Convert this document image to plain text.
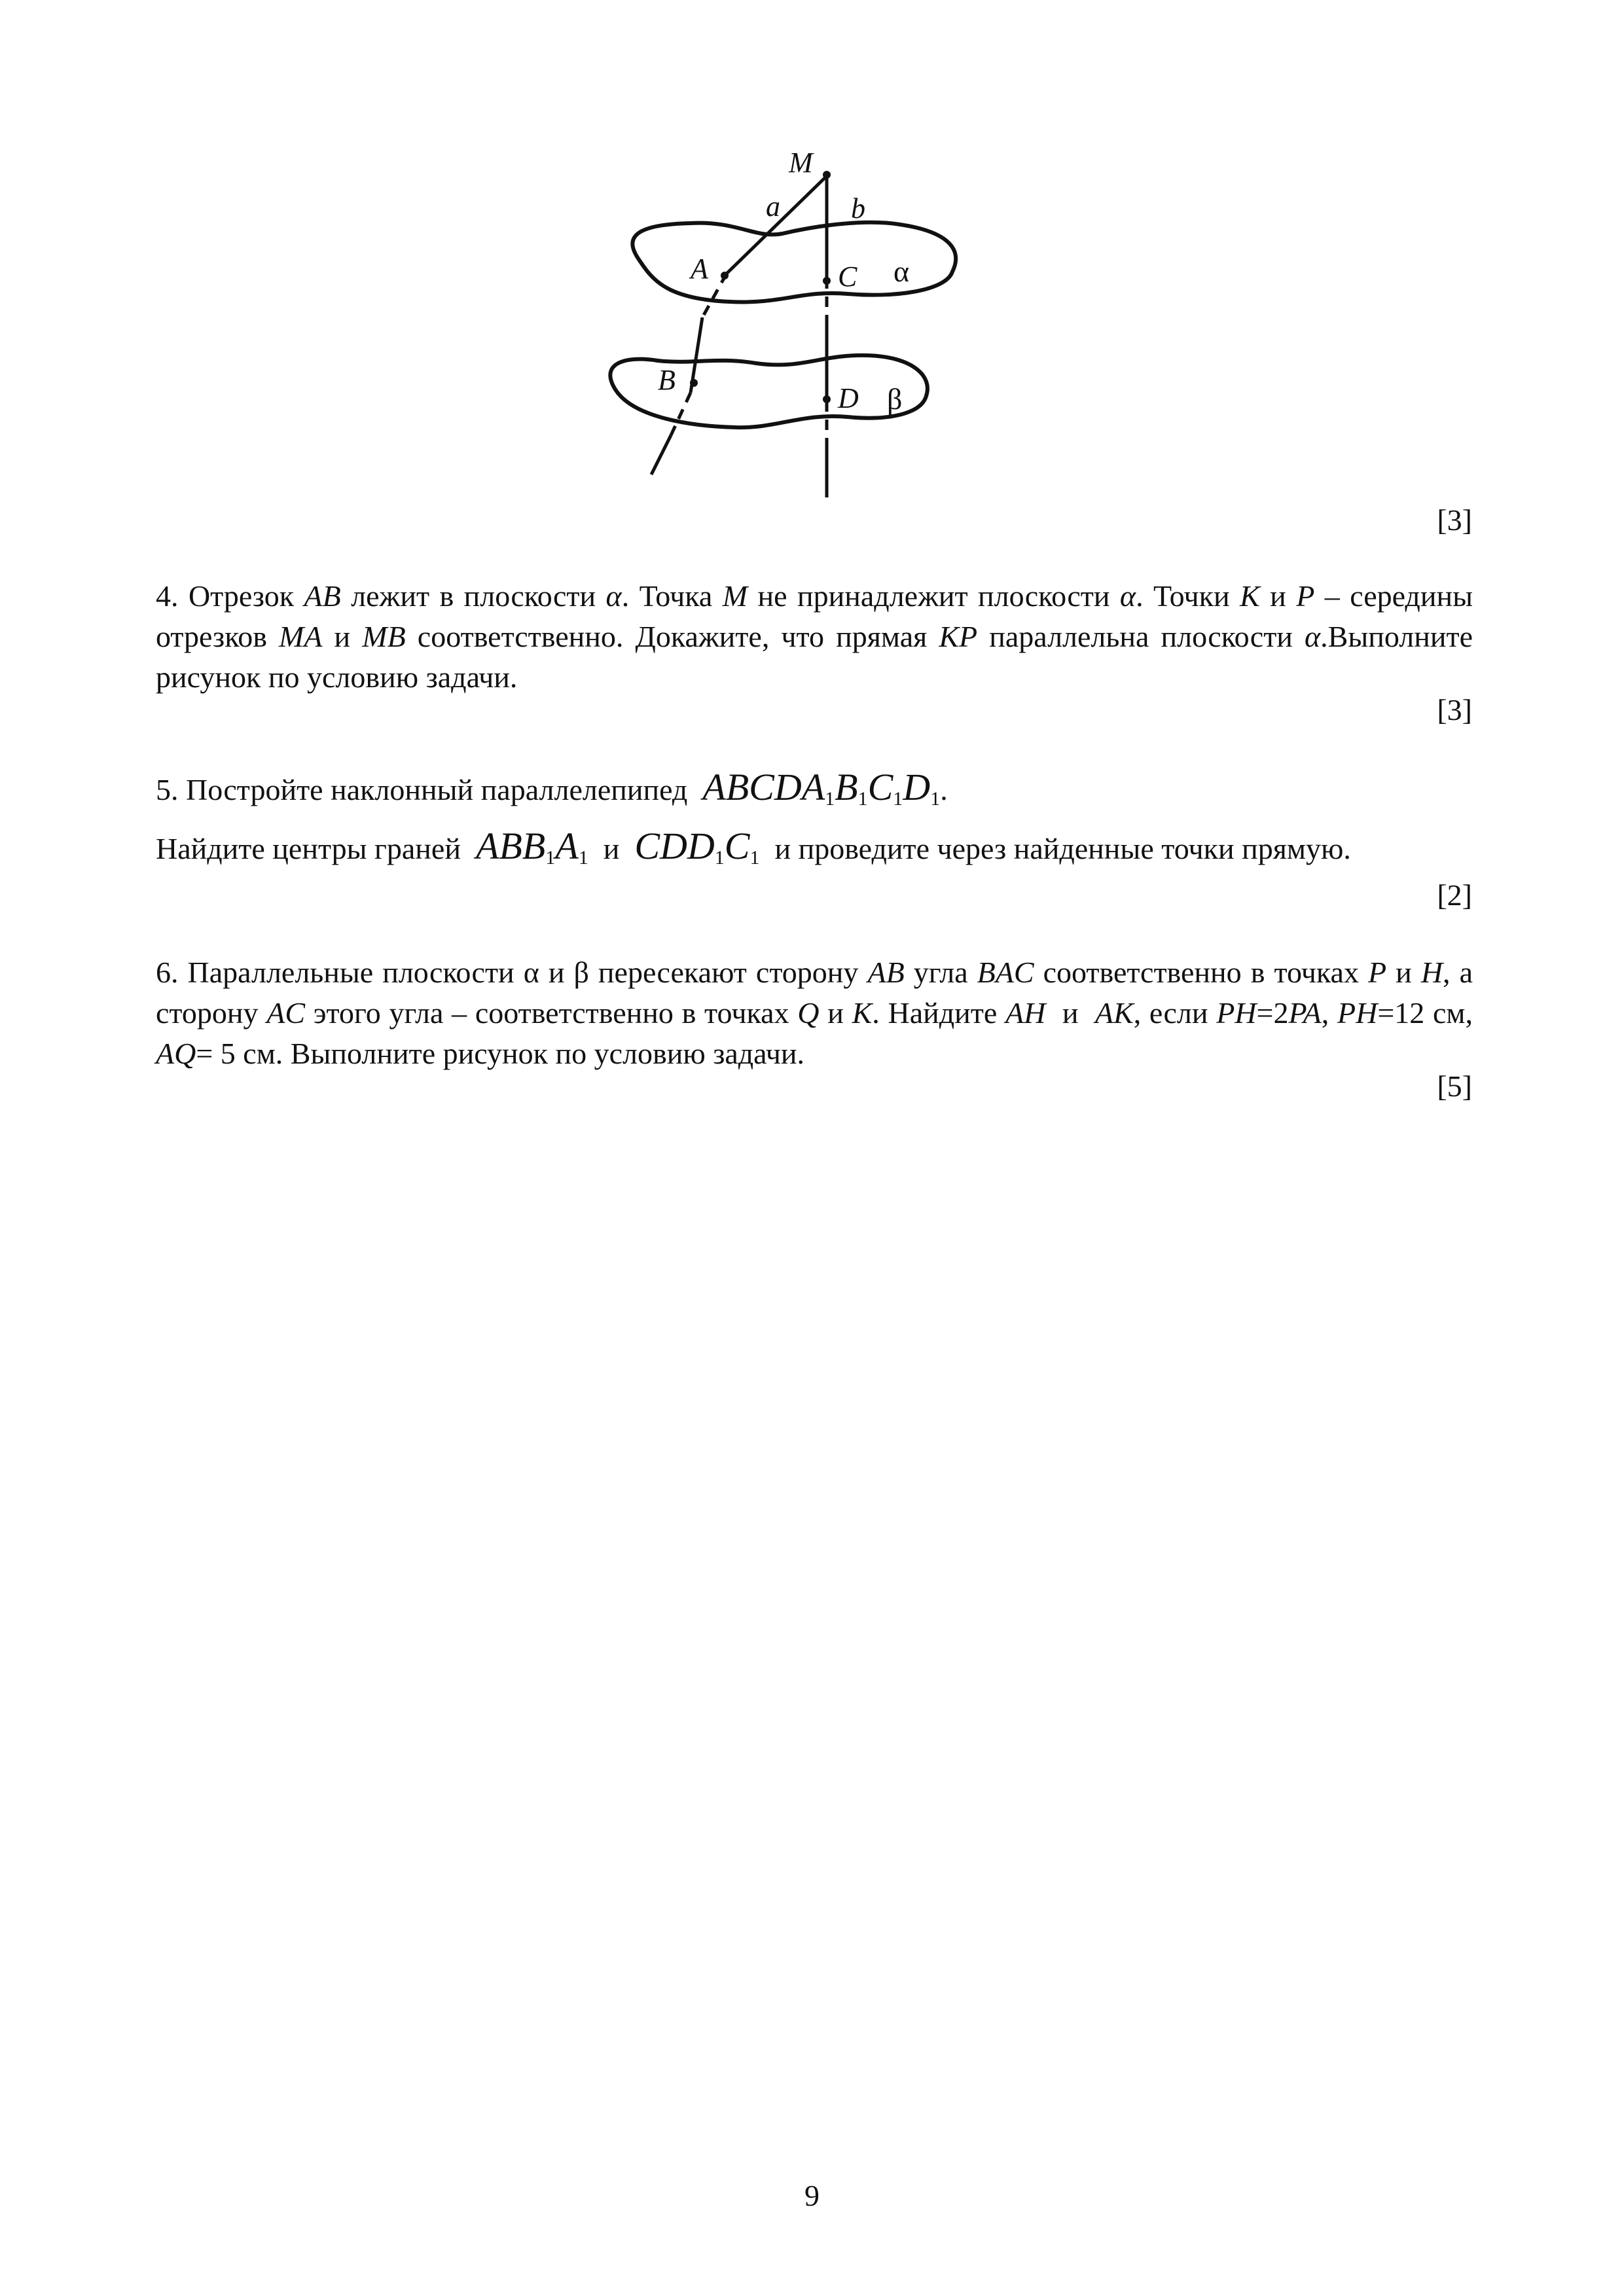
M
a b
A	C α
B
D β
[3]
4. Отрезок AB лежит в плоскости α. Точка M не принадлежит плоскости α. Точки K и P – середины отрезков MA и MB соответственно. Докажите, что прямая KP параллельна плоскости α.Выполните рисунок по условию задачи.
[3]
5. Постройте наклонный параллелепипед $ABCDA_1B_1C_1D_1$.
Найдите центры граней $ABB_1A_1$ и $CDD_1C_1$ и проведите через найденные точки прямую.
[2]
6. Параллельные плоскости α и β пересекают сторону AB угла BAC соответственно в точках P и H, а сторону AC этого угла – соответственно в точках Q и K. Найдите AH  и  AK, если PH=2PA, PH=12 см, AQ= 5 см. Выполните рисунок по условию задачи.
[5]
9
